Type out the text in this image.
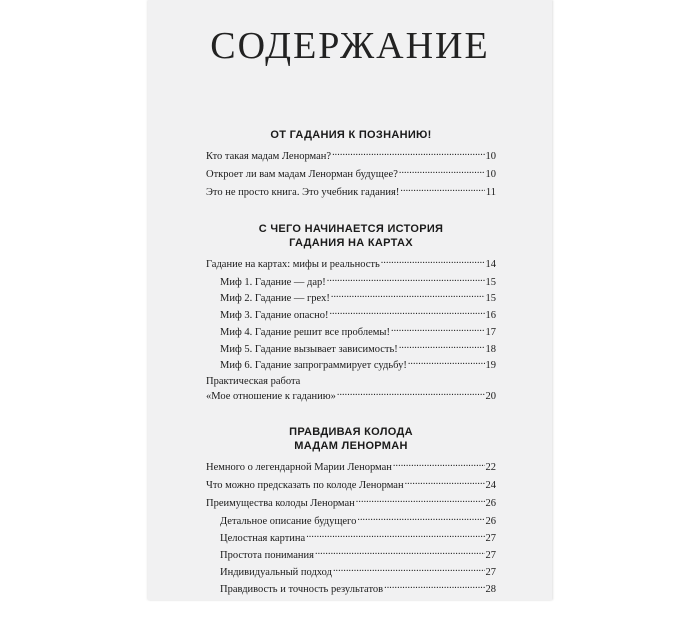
СОДЕРЖАНИЕ
ОТ ГАДАНИЯ К ПОЗНАНИЮ!
Кто такая мадам Ленорман? . . .	10
Откроет ли вам мадам Ленорман будущее? . . .	10
Это не просто книга. Это учебник гадания! . . .	11
С ЧЕГО НАЧИНАЕТСЯ ИСТОРИЯ
ГАДАНИЯ НА КАРТАХ
Гадание на картах: мифы и реальность . . .	14
Миф 1. Гадание — дар! . . .	15
Миф 2. Гадание — грех! . . .	15
Миф 3. Гадание опасно! . . .	16
Миф 4. Гадание решит все проблемы! . . .	17
Миф 5. Гадание вызывает зависимость! . . .	18
Миф 6. Гадание запрограммирует судьбу! . . .	19
Практическая работа
«Мое отношение к гаданию» . . .	20
ПРАВДИВАЯ КОЛОДА
МАДАМ ЛЕНОРМАН
Немного о легендарной Марии Ленорман . . .	22
Что можно предсказать по колоде Ленорман . . .	24
Преимущества колоды Ленорман . . .	26
Детальное описание будущего . . .	26
Целостная картина . . .	27
Простота понимания . . .	27
Индивидуальный подход . . .	27
Правдивость и точность результатов . . .	28
